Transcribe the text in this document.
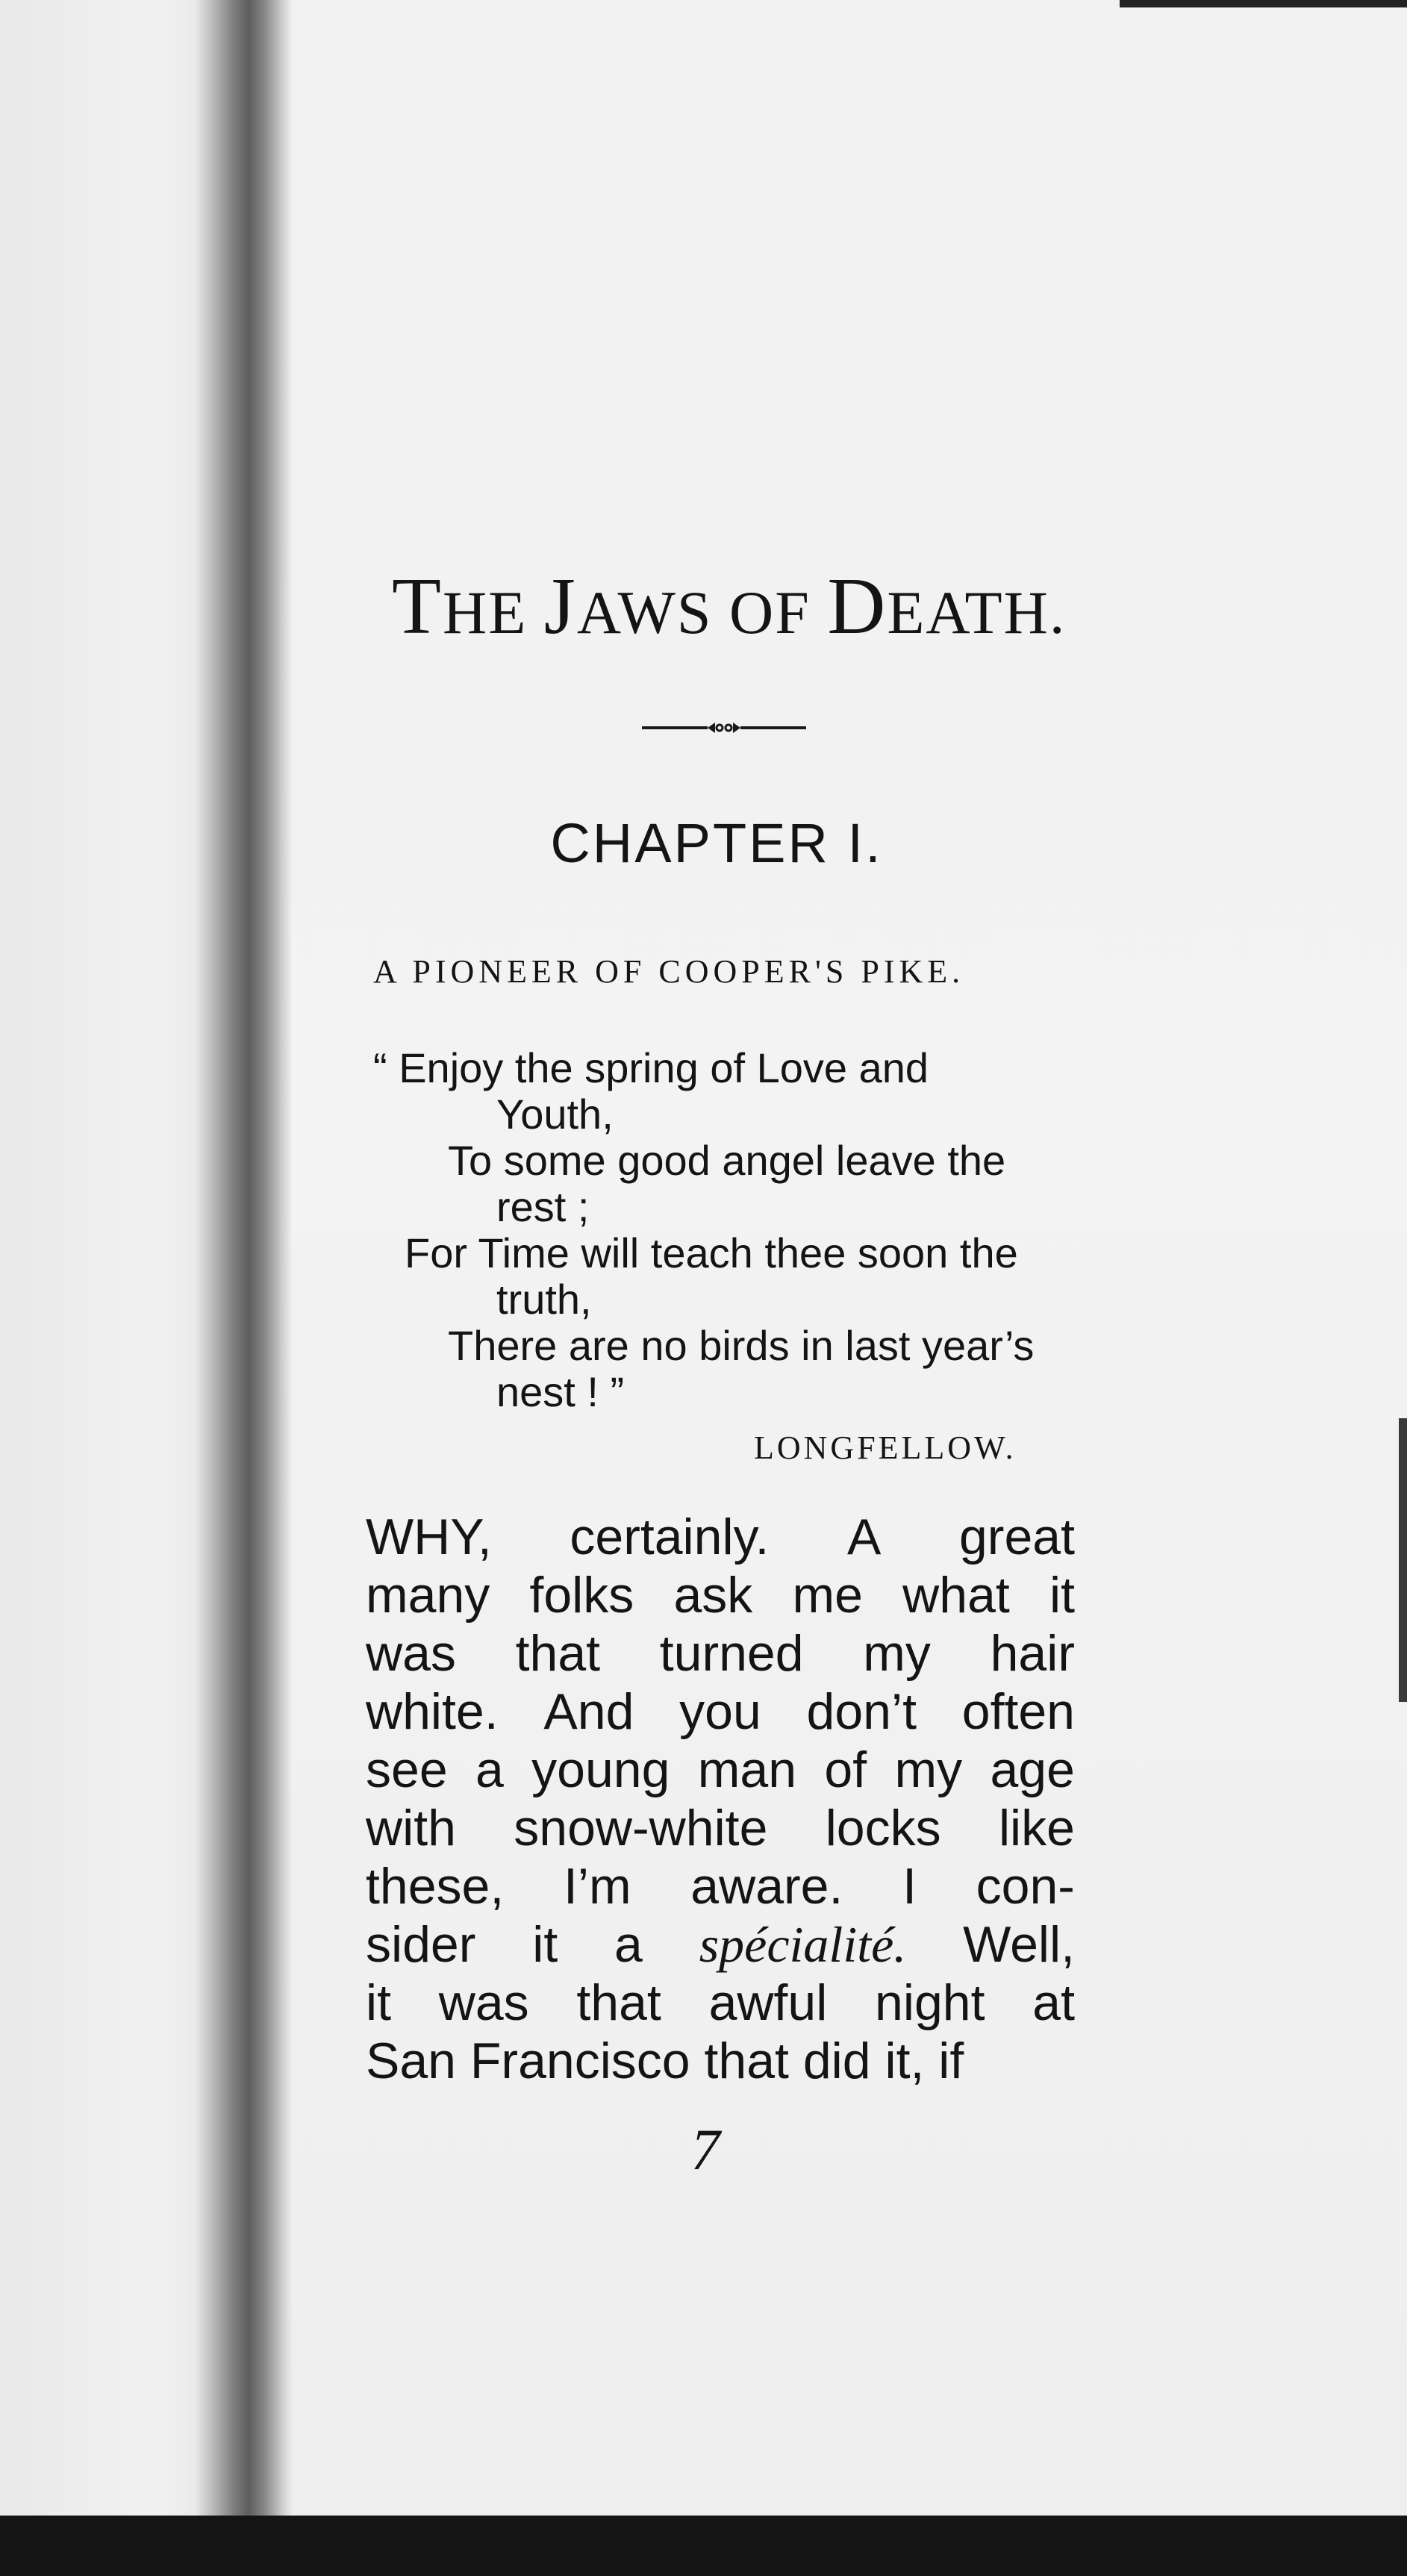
THE JAWS OF DEATH.
CHAPTER I.
A PIONEER OF COOPER'S PIKE.
“ Enjoy the spring of Love and
Youth,
To some good angel leave the
rest ;
For Time will teach thee soon the
truth,
There are no birds in last year’s
nest ! ”
LONGFELLOW.
WHY, certainly. A great
many folks ask me what it
was that turned my hair
white. And you don’t often
see a young man of my age
with snow-white locks like
these, I’m aware. I con-
sider it a spécialité. Well,
it was that awful night at
San Francisco that did it, if
7
